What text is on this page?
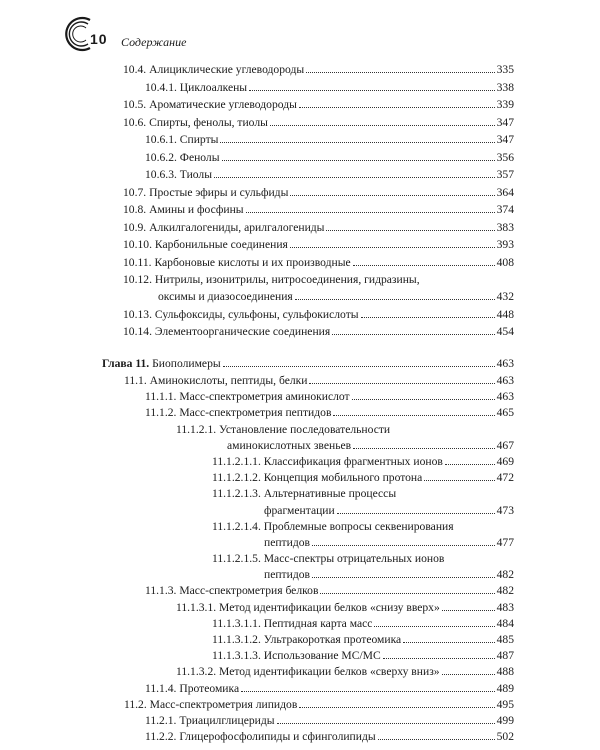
10 Содержание
10.4. Алициклические углеводороды	335
10.4.1. Циклоалкены	338
10.5. Ароматические углеводороды	339
10.6. Спирты, фенолы, тиолы	347
10.6.1. Спирты	347
10.6.2. Фенолы	356
10.6.3. Тиолы	357
10.7. Простые эфиры и сульфиды	364
10.8. Амины и фосфины	374
10.9. Алкилгалогениды, арилгалогениды	383
10.10. Карбонильные соединения	393
10.11. Карбоновые кислоты и их производные	408
10.12. Нитрилы, изонитрилы, нитросоединения, гидразины,
оксимы и диазосоединения	432
10.13. Сульфоксиды, сульфоны, сульфокислоты	448
10.14. Элементоорганические соединения	454
Глава 11. Биополимеры	463
11.1. Аминокислоты, пептиды, белки	463
11.1.1. Масс-спектрометрия аминокислот	463
11.1.2. Масс-спектрометрия пептидов	465
11.1.2.1. Установление последовательности
аминокислотных звеньев	467
11.1.2.1.1. Классификация фрагментных ионов	469
11.1.2.1.2. Концепция мобильного протона	472
11.1.2.1.3. Альтернативные процессы
фрагментации	473
11.1.2.1.4. Проблемные вопросы секвенирования
пептидов	477
11.1.2.1.5. Масс-спектры отрицательных ионов
пептидов	482
11.1.3. Масс-спектрометрия белков	482
11.1.3.1. Метод идентификации белков «снизу вверх»	483
11.1.3.1.1. Пептидная карта масс	484
11.1.3.1.2. Ультракороткая протеомика	485
11.1.3.1.3. Использование МС/МС	487
11.1.3.2. Метод идентификации белков «сверху вниз»	488
11.1.4. Протеомика	489
11.2. Масс-спектрометрия липидов	495
11.2.1. Триацилглицериды	499
11.2.2. Глицерофосфолипиды и сфинголипиды	502
